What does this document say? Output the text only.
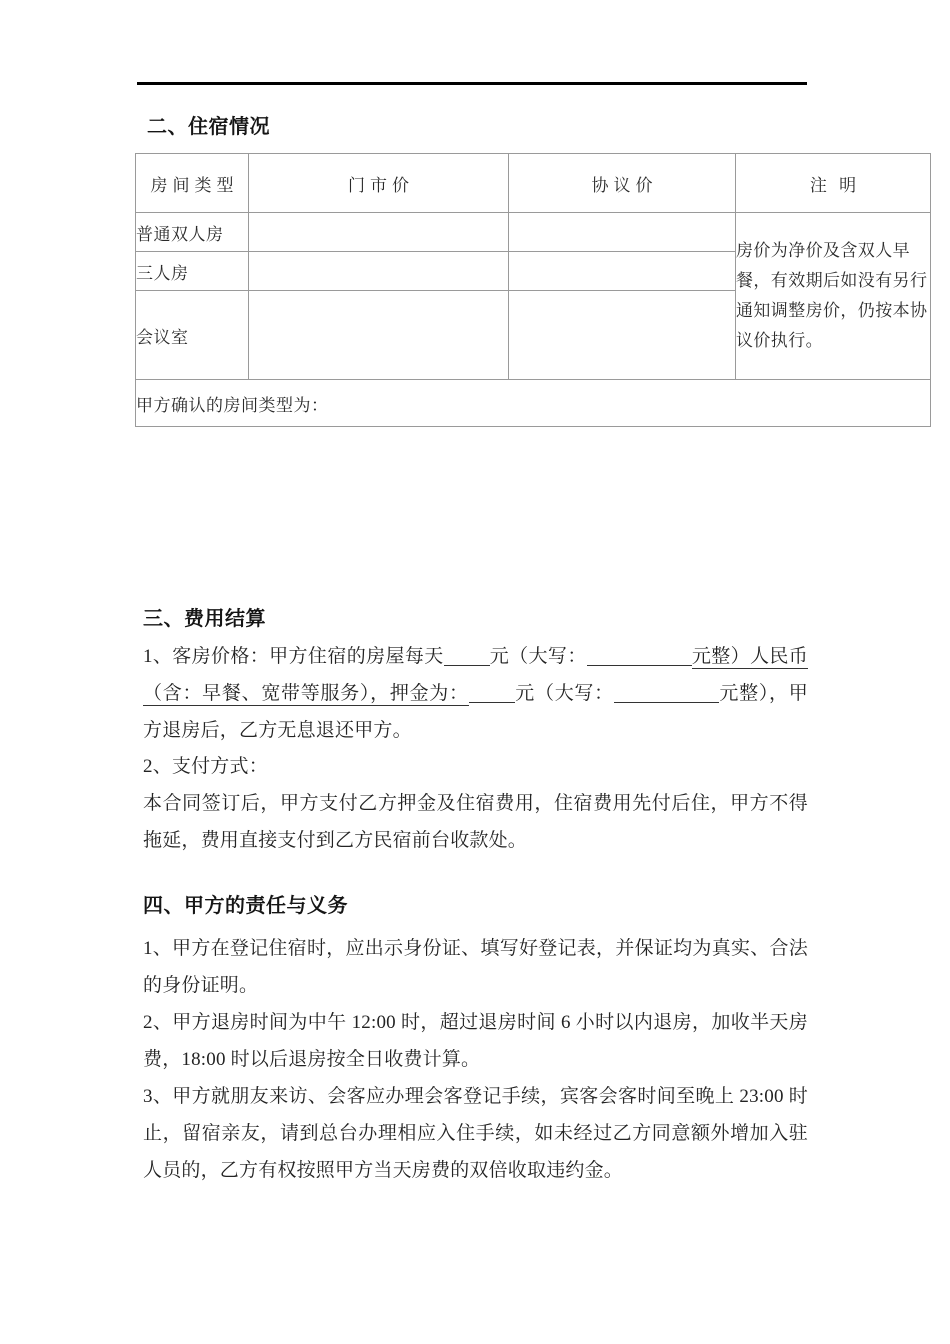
二、住宿情况
房间类型	门市价	协议价	注 明
普通双人房			房价为净价及含双人早餐，有效期后如没有另行通知调整房价，仍按本协议价执行。
三人房			
会议室			
甲方确认的房间类型为：			
三、费用结算
1、客房价格：甲方住宿的房屋每天 元（大写：	元整）人民币（含：早餐、宽带等服务），押金为： 元（大写：	元整），甲方退房后，乙方无息退还甲方。
2、支付方式：
本合同签订后，甲方支付乙方押金及住宿费用，住宿费用先付后住，甲方不得拖延，费用直接支付到乙方民宿前台收款处。
四、甲方的责任与义务
1、甲方在登记住宿时，应出示身份证、填写好登记表，并保证均为真实、合法的身份证明。
2、甲方退房时间为中午 12:00 时，超过退房时间 6 小时以内退房，加收半天房费，18:00 时以后退房按全日收费计算。
3、甲方就朋友来访、会客应办理会客登记手续，宾客会客时间至晚上 23:00 时止，留宿亲友，请到总台办理相应入住手续，如未经过乙方同意额外增加入驻人员的，乙方有权按照甲方当天房费的双倍收取违约金。
